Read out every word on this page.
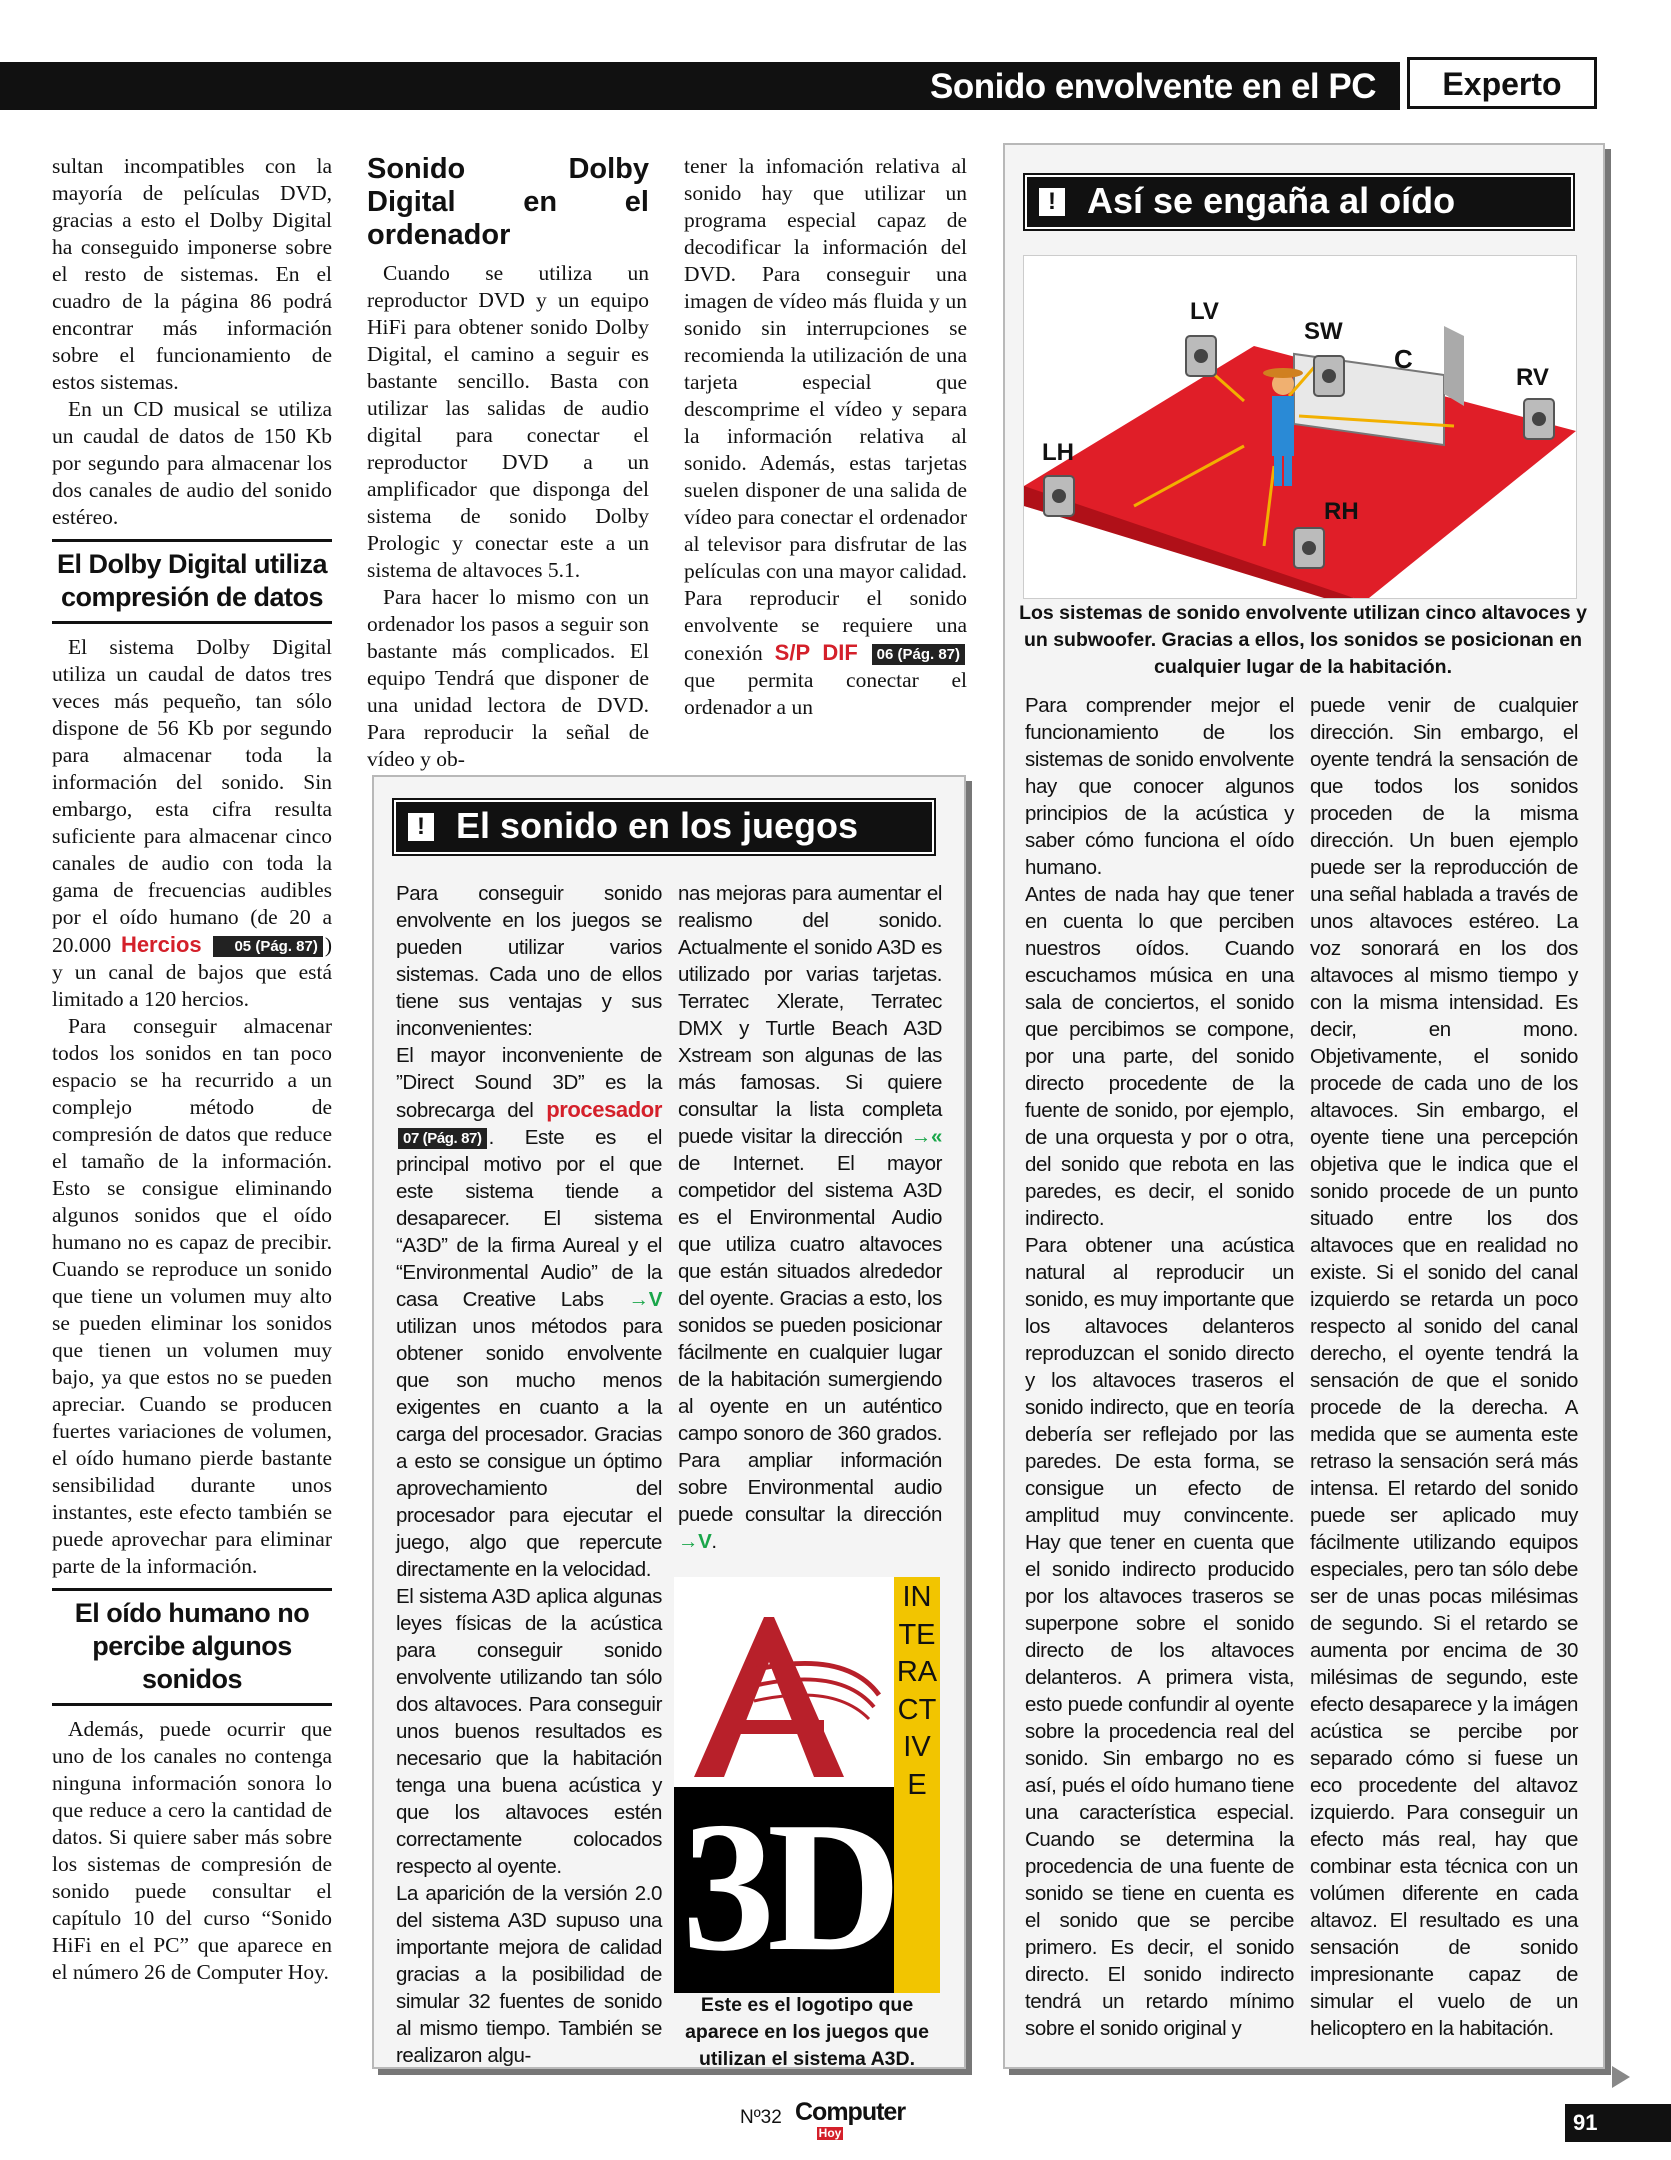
Sonido envolvente en el PC	Experto

sultan incompatibles con la mayoría de películas DVD, gracias a esto el Dolby Digital ha conseguido imponerse sobre el resto de sistemas. En el cuadro de la página 86 podrá encontrar más información sobre el funcionamiento de estos sistemas.

En un CD musical se utiliza un caudal de datos de 150 Kb por segundo para almacenar los dos canales de audio del sonido estéreo.

El Dolby Digital utiliza compresión de datos

El sistema Dolby Digital utiliza un caudal de datos tres veces más pequeño, tan sólo dispone de 56 Kb por segundo para almacenar toda la información del sonido. Sin embargo, esta cifra resulta suficiente para almacenar cinco canales de audio con toda la gama de frecuencias audibles por el oído humano (de 20 a 20.000 Hercios 05 (Pág. 87) ) y un canal de bajos que está limitado a 120 hercios.

Para conseguir almacenar todos los sonidos en tan poco espacio se ha recurrido a un complejo método de compresión de datos que reduce el tamaño de la información. Esto se consigue eliminando algunos sonidos que el oído humano no es capaz de precibir. Cuando se reproduce un sonido que tiene un volumen muy alto se pueden eliminar los sonidos que tienen un volumen muy bajo, ya que estos no se pueden apreciar. Cuando se producen fuertes variaciones de volumen, el oído humano pierde bastante sensibilidad durante unos instantes, este efecto también se puede aprovechar para eliminar parte de la información.

El oído humano no percibe algunos sonidos

Además, puede ocurrir que uno de los canales no contenga ninguna información sonora lo que reduce a cero la cantidad de datos. Si quiere saber más sobre los sistemas de compresión de sonido puede consultar el capítulo 10 del curso “Sonido HiFi en el PC” que aparece en el número 26 de Computer Hoy.

Sonido Dolby Digital en el ordenador

Cuando se utiliza un reproductor DVD y un equipo HiFi para obtener sonido Dolby Digital, el camino a seguir es bastante sencillo. Basta con utilizar las salidas de audio digital para conectar el reproductor DVD a un amplificador que disponga del sistema de sonido Dolby Prologic y conectar este a un sistema de altavoces 5.1.

Para hacer lo mismo con un ordenador los pasos a seguir son bastante más complicados. El equipo Tendrá que disponer de una unidad lectora de DVD. Para reproducir la señal de vídeo y ob-

tener la infomación relativa al sonido hay que utilizar un programa especial capaz de decodificar la información del DVD. Para conseguir una imagen de vídeo más fluida y un sonido sin interrupciones se recomienda la utilización de una tarjeta especial que descomprime el vídeo y separa la información relativa al sonido. Además, estas tarjetas suelen disponer de una salida de vídeo para conectar el ordenador al televisor para disfrutar de las películas con una mayor calidad. Para reproducir el sonido envolvente se requiere una conexión S/P DIF 06 (Pág. 87) que permita conectar el ordenador a un

! El sonido en los juegos

Para conseguir sonido envolvente en los juegos se pueden utilizar varios sistemas. Cada uno de ellos tiene sus ventajas y sus inconvenientes:

El mayor inconveniente de ”Direct Sound 3D” es la sobrecarga del procesador 07 (Pág. 87) . Este es el principal motivo por el que este sistema tiende a desaparecer. El sistema “A3D” de la firma Aureal y el “Environmental Audio” de la casa Creative Labs →V utilizan unos métodos para obtener sonido envolvente que son mucho menos exigentes en cuanto a la carga del procesador. Gracias a esto se consigue un óptimo aprovechamiento del procesador para ejecutar el juego, algo que repercute directamente en la velocidad.

El sistema A3D aplica algunas leyes físicas de la acústica para conseguir sonido envolvente utilizando tan sólo dos altavoces. Para conseguir unos buenos resultados es necesario que la habitación tenga una buena acústica y que los altavoces estén correctamente colocados respecto al oyente.

La aparición de la versión 2.0 del sistema A3D supuso una importante mejora de calidad gracias a la posibilidad de simular 32 fuentes de sonido al mismo tiempo. También se realizaron algu-

nas mejoras para aumentar el realismo del sonido. Actualmente el sonido A3D es utilizado por varias tarjetas. Terratec Xlerate, Terratec DMX y Turtle Beach A3D Xstream son algunas de las más famosas. Si quiere consultar la lista completa puede visitar la dirección →« de Internet. El mayor competidor del sistema A3D es el Environmental Audio que utiliza cuatro altavoces que están situados alrededor del oyente. Gracias a esto, los sonidos se pueden posicionar fácilmente en cualquier lugar de la habitación sumergiendo al oyente en un auténtico campo sonoro de 360 grados. Para ampliar información sobre Environmental audio puede consultar la dirección →V.

3D
INTERACTIVE
Este es el logotipo que aparece en los juegos que utilizan el sistema A3D.
! Así se engaña al oído
LV
SW
C
RV
LH
RH
Los sistemas de sonido envolvente utilizan cinco altavoces y un subwoofer. Gracias a ellos, los sonidos se posicionan en cualquier lugar de la habitación.

Para comprender mejor el funcionamiento de los sistemas de sonido envolvente hay que conocer algunos principios de la acústica y saber cómo funciona el oído humano.

Antes de nada hay que tener en cuenta lo que perciben nuestros oídos. Cuando escuchamos música en una sala de conciertos, el sonido que percibimos se compone, por una parte, del sonido directo procedente de la fuente de sonido, por ejemplo, de una orquesta y por o otra, del sonido que rebota en las paredes, es decir, el sonido indirecto.

Para obtener una acústica natural al reproducir un sonido, es muy importante que los altavoces delanteros reproduzcan el sonido directo y los altavoces traseros el sonido indirecto, que en teoría debería ser reflejado por las paredes. De esta forma, se consigue un efecto de amplitud muy convincente. Hay que tener en cuenta que el sonido indirecto producido por los altavoces traseros se superpone sobre el sonido directo de los altavoces delanteros. A primera vista, esto puede confundir al oyente sobre la procedencia real del sonido. Sin embargo no es así, pués el oído humano tiene una característica especial. Cuando se determina la procedencia de una fuente de sonido se tiene en cuenta es el sonido que se percibe primero. Es decir, el sonido directo. El sonido indirecto tendrá un retardo mínimo sobre el sonido original y

puede venir de cualquier dirección. Sin embargo, el oyente tendrá la sensación de que todos los sonidos proceden de la misma dirección. Un buen ejemplo puede ser la reproducción de una señal hablada a través de unos altavoces estéreo. La voz sonorará en los dos altavoces al mismo tiempo y con la misma intensidad. Es decir, en mono. Objetivamente, el sonido procede de cada uno de los altavoces. Sin embargo, el oyente tiene una percepción objetiva que le indica que el sonido procede de un punto situado entre los dos altavoces que en realidad no existe. Si el sonido del canal izquierdo se retarda un poco respecto al sonido del canal derecho, el oyente tendrá la sensación de que el sonido procede de la derecha. A medida que se aumenta este retraso la sensación será más intensa. El retardo del sonido puede ser aplicado muy fácilmente utilizando equipos especiales, pero tan sólo debe ser de unas pocas milésimas de segundo. Si el retardo se aumenta por encima de 30 milésimas de segundo, este efecto desaparece y la imágen acústica se percibe por separado cómo si fuese un eco procedente del altavoz izquierdo. Para conseguir un efecto más real, hay que combinar esta técnica con un volúmen diferente en cada altavoz. El resultado es una sensación de sonido impresionante capaz de simular el vuelo de un helicoptero en la habitación.

Nº32 Computer
Hoy	91
